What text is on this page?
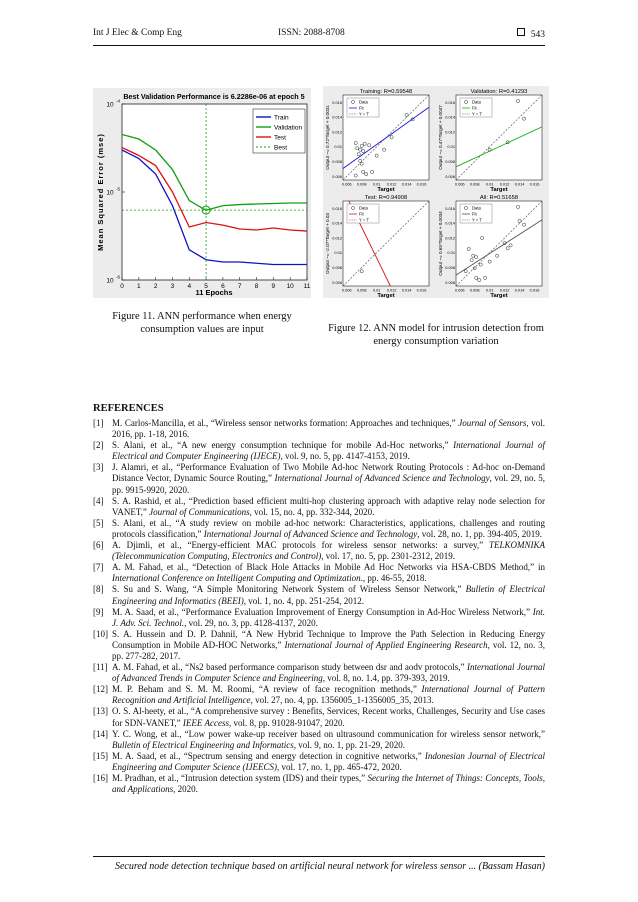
Int J Elec & Comp Eng	ISSN: 2088-8708	543
Best Validation Performance is 6.2286e-06 at epoch 5
Mean Squared Error (mse)
11 Epochs
0 1 2 3 4 5 6 7 8 9 10 11
10
-4
10
-5
10
-6
Train
Validation
Test
Best
Figure 11. ANN performance when energy
consumption values are input
Training: R=0.59548
Output ~= 0.72*Target + 0.0031
Target
0.006 0.008 0.01 0.012 0.014 0.016
0.016
0.014
0.012
0.01
0.008
0.006
Data
Fit
Y = T
Validation: R=0.41293
Output ~= 0.47*Target + 0.0047
Target
0.006 0.008 0.01 0.012 0.014 0.016
0.016
0.014
0.012
0.01
0.008
0.006
Data
Fit
Y = T
Test: R=0.94908
Output ~= -2.07*Target + 0.03
Target
0.006 0.008 0.01 0.012 0.014 0.016
0.016
0.014
0.012
0.01
0.008
0.006
Data
Fit
Y = T
All: R=0.51658
Output ~= 0.65*Target + 0.0034
Target
0.006 0.008 0.01 0.012 0.014 0.016
0.016
0.014
0.012
0.01
0.008
0.006
Data
Fit
Y = T
Figure 12. ANN model for intrusion detection from
energy consumption variation
REFERENCES
[1] M. Carlos-Mancilla, et al., “Wireless sensor networks formation: Approaches and techniques,” Journal of Sensors, vol. 2016, pp. 1-18, 2016.
[2] S. Alani, et al., “A new energy consumption technique for mobile Ad-Hoc networks,” International Journal of Electrical and Computer Engineering (IJECE), vol. 9, no. 5, pp. 4147-4153, 2019.
[3] J. Alamri, et al., “Performance Evaluation of Two Mobile Ad-hoc Network Routing Protocols : Ad-hoc on-Demand Distance Vector, Dynamic Source Routing,” International Journal of Advanced Science and Technology, vol. 29, no. 5, pp. 9915-9920, 2020.
[4] S. A. Rashid, et al., “Prediction based efficient multi-hop clustering approach with adaptive relay node selection for VANET,” Journal of Communications, vol. 15, no. 4, pp. 332-344, 2020.
[5] S. Alani, et al., “A study review on mobile ad-hoc network: Characteristics, applications, challenges and routing protocols classification,” International Journal of Advanced Science and Technology, vol. 28, no. 1, pp. 394-405, 2019.
[6] A. Djimli, et al., “Energy-efficient MAC protocols for wireless sensor networks: a survey,” TELKOMNIKA (Telecommunication Computing, Electronics and Control), vol. 17, no. 5, pp. 2301-2312, 2019.
[7] A. M. Fahad, et al., “Detection of Black Hole Attacks in Mobile Ad Hoc Networks via HSA-CBDS Method,” in International Conference on Intelligent Computing and Optimization., pp. 46-55, 2018.
[8] S. Su and S. Wang, “A Simple Monitoring Network System of Wireless Sensor Network,” Bulletin of Electrical Engineering and Informatics (BEEI), vol. 1, no. 4, pp. 251-254, 2012.
[9] M. A. Saad, et al., “Performance Evaluation Improvement of Energy Consumption in Ad-Hoc Wireless Network,” Int. J. Adv. Sci. Technol., vol. 29, no. 3, pp. 4128-4137, 2020.
[10] S. A. Hussein and D. P. Dahnil, “A New Hybrid Technique to Improve the Path Selection in Reducing Energy Consumption in Mobile AD-HOC Networks,” International Journal of Applied Engineering Research, vol. 12, no. 3, pp. 277-282, 2017.
[11] A. M. Fahad, et al., “Ns2 based performance comparison study between dsr and aodv protocols,” International Journal of Advanced Trends in Computer Science and Engineering, vol. 8, no. 1.4, pp. 379-393, 2019.
[12] M. P. Beham and S. M. M. Roomi, “A review of face recognition methods,” International Journal of Pattern Recognition and Artificial Intelligence, vol. 27, no. 4, pp. 1356005_1-1356005_35, 2013.
[13] O. S. Al-heety, et al., “A comprehensive survey : Benefits, Services, Recent works, Challenges, Security and Use cases for SDN-VANET,” IEEE Access, vol. 8, pp. 91028-91047, 2020.
[14] Y. C. Wong, et al., “Low power wake-up receiver based on ultrasound communication for wireless sensor network,” Bulletin of Electrical Engineering and Informatics, vol. 9, no. 1, pp. 21-29, 2020.
[15] M. A. Saad, et al., “Spectrum sensing and energy detection in cognitive networks,” Indonesian Journal of Electrical Engineering and Computer Science (IJEECS), vol. 17, no. 1, pp. 465-472, 2020.
[16] M. Pradhan, et al., “Intrusion detection system (IDS) and their types,” Securing the Internet of Things: Concepts, Tools, and Applications, 2020.
Secured node detection technique based on artificial neural network for wireless sensor ... (Bassam Hasan)
